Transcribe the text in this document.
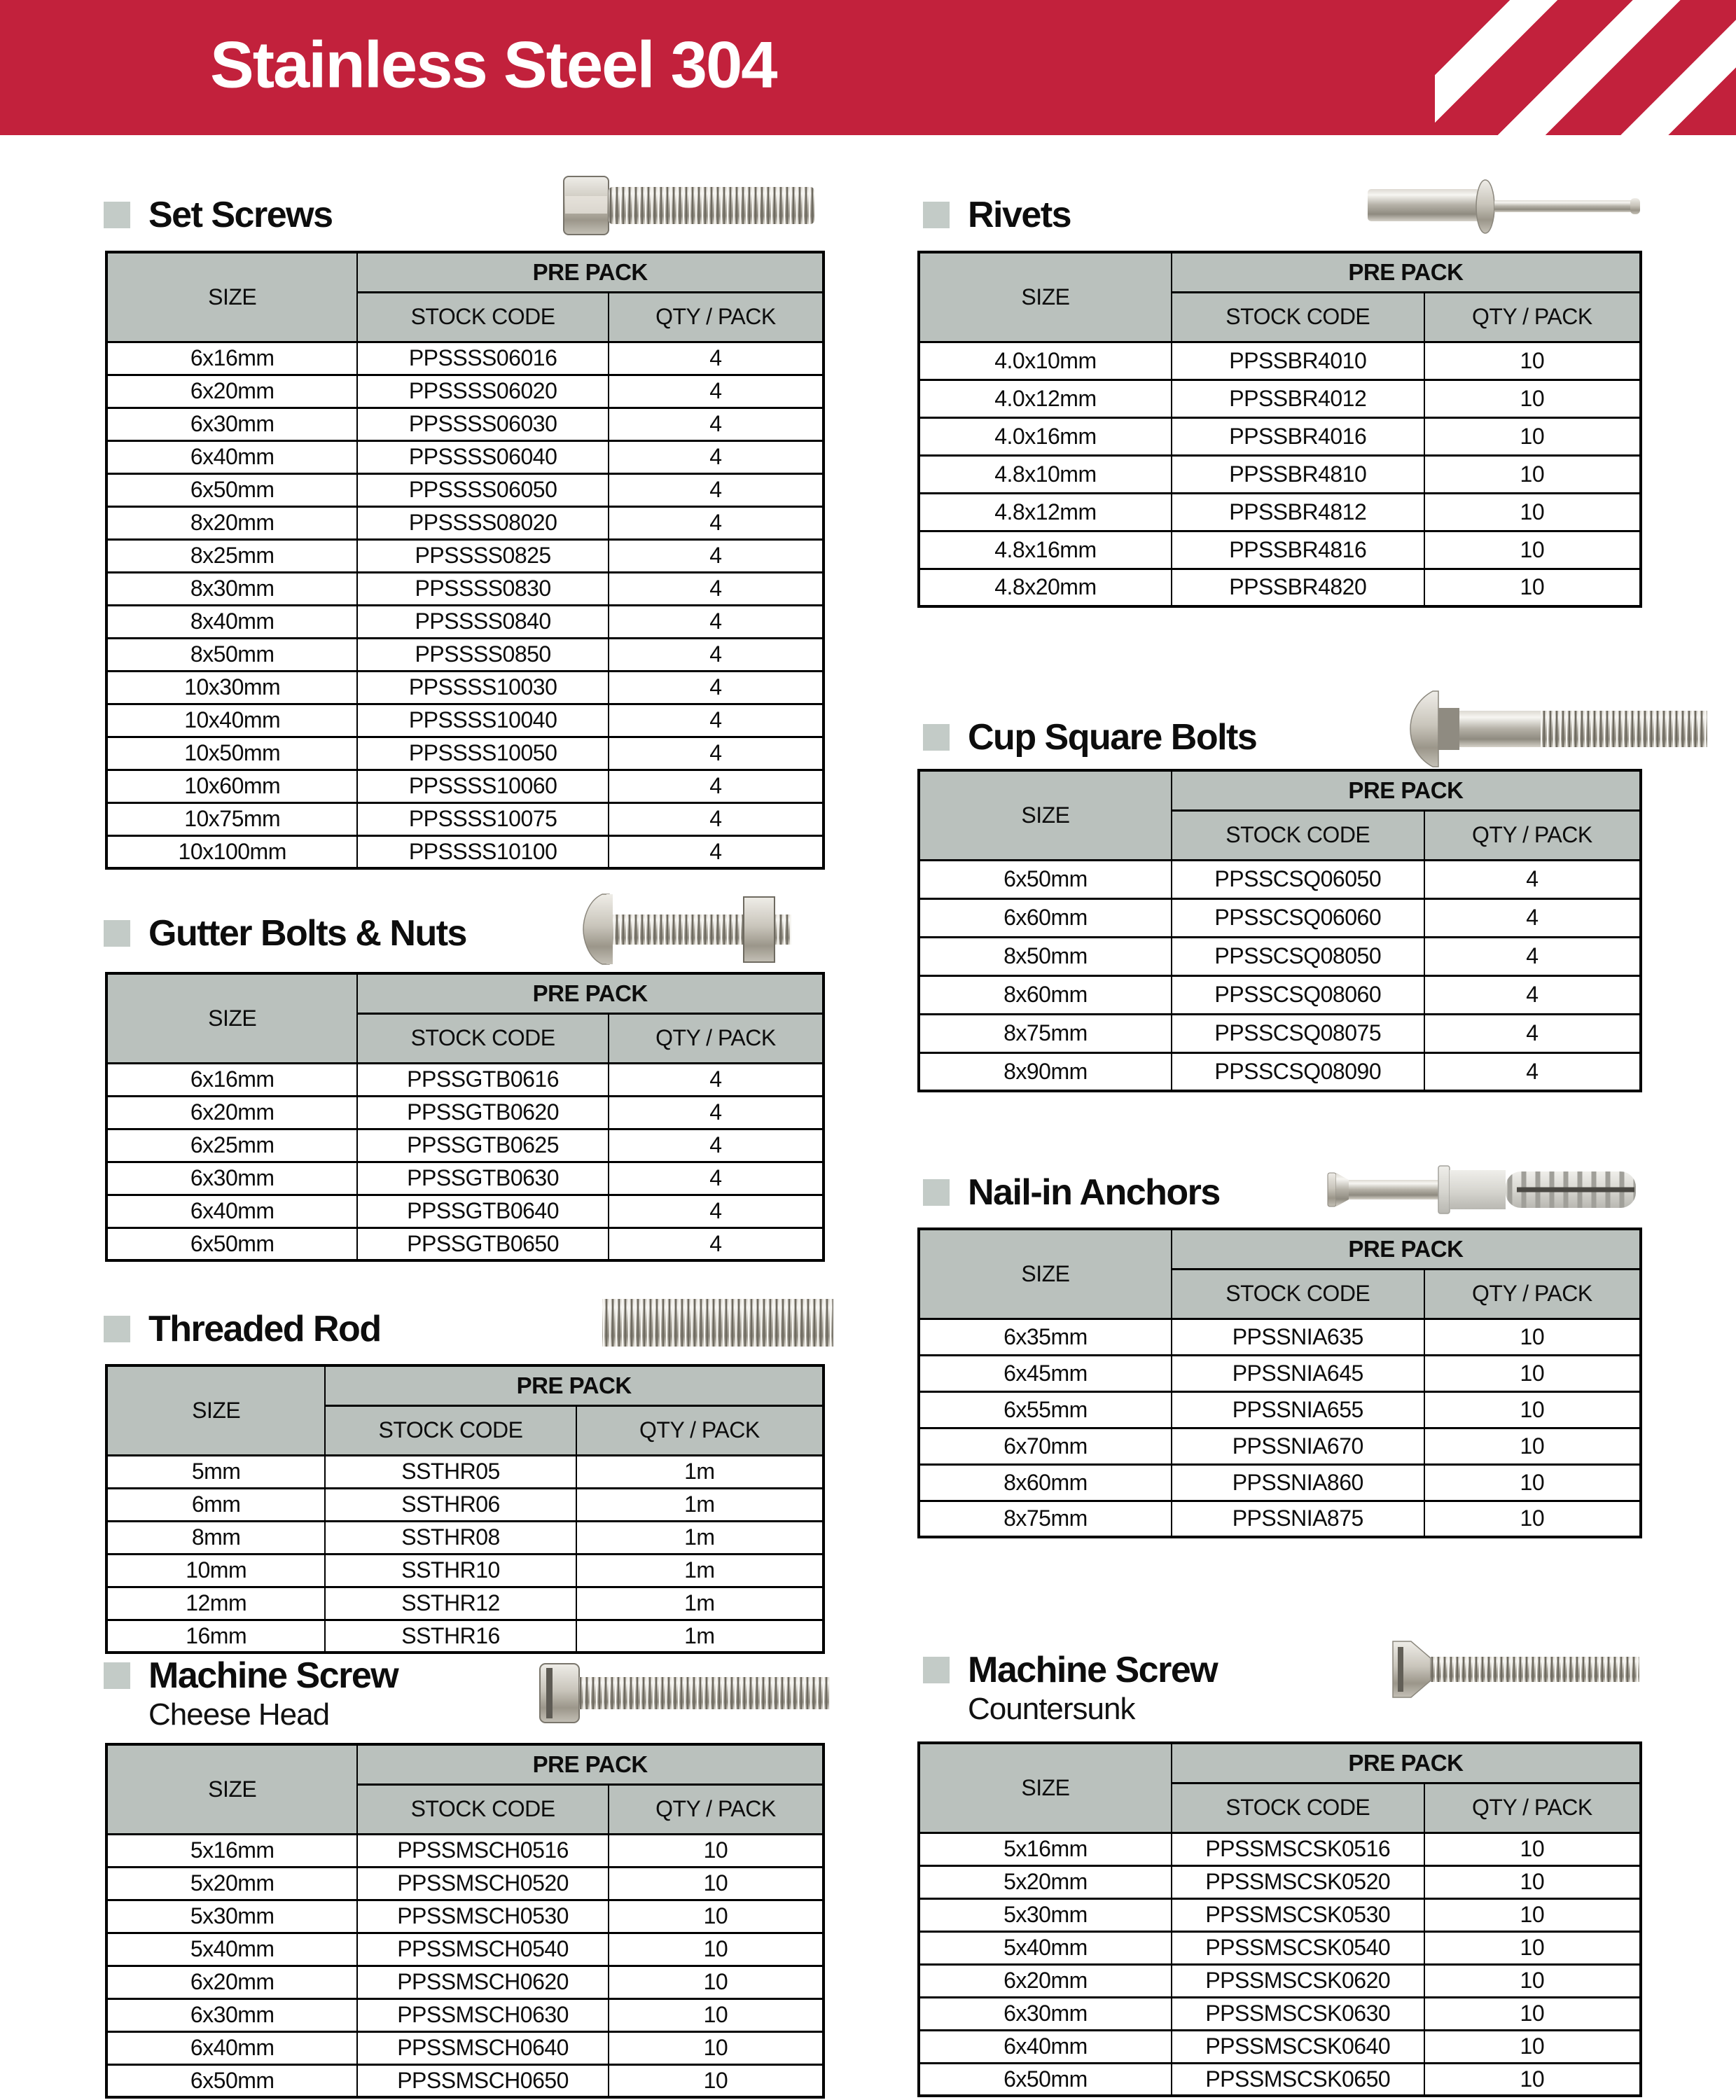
Stainless Steel 304
Set Screws
SIZE	PRE PACK	
	STOCK CODE	QTY / PACK
6x16mm	PPSSSS06016	4
6x20mm	PPSSSS06020	4
6x30mm	PPSSSS06030	4
6x40mm	PPSSSS06040	4
6x50mm	PPSSSS06050	4
8x20mm	PPSSSS08020	4
8x25mm	PPSSSS0825	4
8x30mm	PPSSSS0830	4
8x40mm	PPSSSS0840	4
8x50mm	PPSSSS0850	4
10x30mm	PPSSSS10030	4
10x40mm	PPSSSS10040	4
10x50mm	PPSSSS10050	4
10x60mm	PPSSSS10060	4
10x75mm	PPSSSS10075	4
10x100mm	PPSSSS10100	4
Gutter Bolts & Nuts
SIZE	PRE PACK	
	STOCK CODE	QTY / PACK
6x16mm	PPSSGTB0616	4
6x20mm	PPSSGTB0620	4
6x25mm	PPSSGTB0625	4
6x30mm	PPSSGTB0630	4
6x40mm	PPSSGTB0640	4
6x50mm	PPSSGTB0650	4
Threaded Rod
SIZE	PRE PACK	
	STOCK CODE	QTY / PACK
5mm	SSTHR05	1m
6mm	SSTHR06	1m
8mm	SSTHR08	1m
10mm	SSTHR10	1m
12mm	SSTHR12	1m
16mm	SSTHR16	1m
Machine Screw
Cheese Head
SIZE	PRE PACK	
	STOCK CODE	QTY / PACK
5x16mm	PPSSMSCH0516	10
5x20mm	PPSSMSCH0520	10
5x30mm	PPSSMSCH0530	10
5x40mm	PPSSMSCH0540	10
6x20mm	PPSSMSCH0620	10
6x30mm	PPSSMSCH0630	10
6x40mm	PPSSMSCH0640	10
6x50mm	PPSSMSCH0650	10
Rivets
SIZE	PRE PACK	
	STOCK CODE	QTY / PACK
4.0x10mm	PPSSBR4010	10
4.0x12mm	PPSSBR4012	10
4.0x16mm	PPSSBR4016	10
4.8x10mm	PPSSBR4810	10
4.8x12mm	PPSSBR4812	10
4.8x16mm	PPSSBR4816	10
4.8x20mm	PPSSBR4820	10
Cup Square Bolts
SIZE	PRE PACK	
	STOCK CODE	QTY / PACK
6x50mm	PPSSCSQ06050	4
6x60mm	PPSSCSQ06060	4
8x50mm	PPSSCSQ08050	4
8x60mm	PPSSCSQ08060	4
8x75mm	PPSSCSQ08075	4
8x90mm	PPSSCSQ08090	4
Nail-in Anchors
SIZE	PRE PACK	
	STOCK CODE	QTY / PACK
6x35mm	PPSSNIA635	10
6x45mm	PPSSNIA645	10
6x55mm	PPSSNIA655	10
6x70mm	PPSSNIA670	10
8x60mm	PPSSNIA860	10
8x75mm	PPSSNIA875	10
Machine Screw
Countersunk
SIZE	PRE PACK	
	STOCK CODE	QTY / PACK
5x16mm	PPSSMSCSK0516	10
5x20mm	PPSSMSCSK0520	10
5x30mm	PPSSMSCSK0530	10
5x40mm	PPSSMSCSK0540	10
6x20mm	PPSSMSCSK0620	10
6x30mm	PPSSMSCSK0630	10
6x40mm	PPSSMSCSK0640	10
6x50mm	PPSSMSCSK0650	10
